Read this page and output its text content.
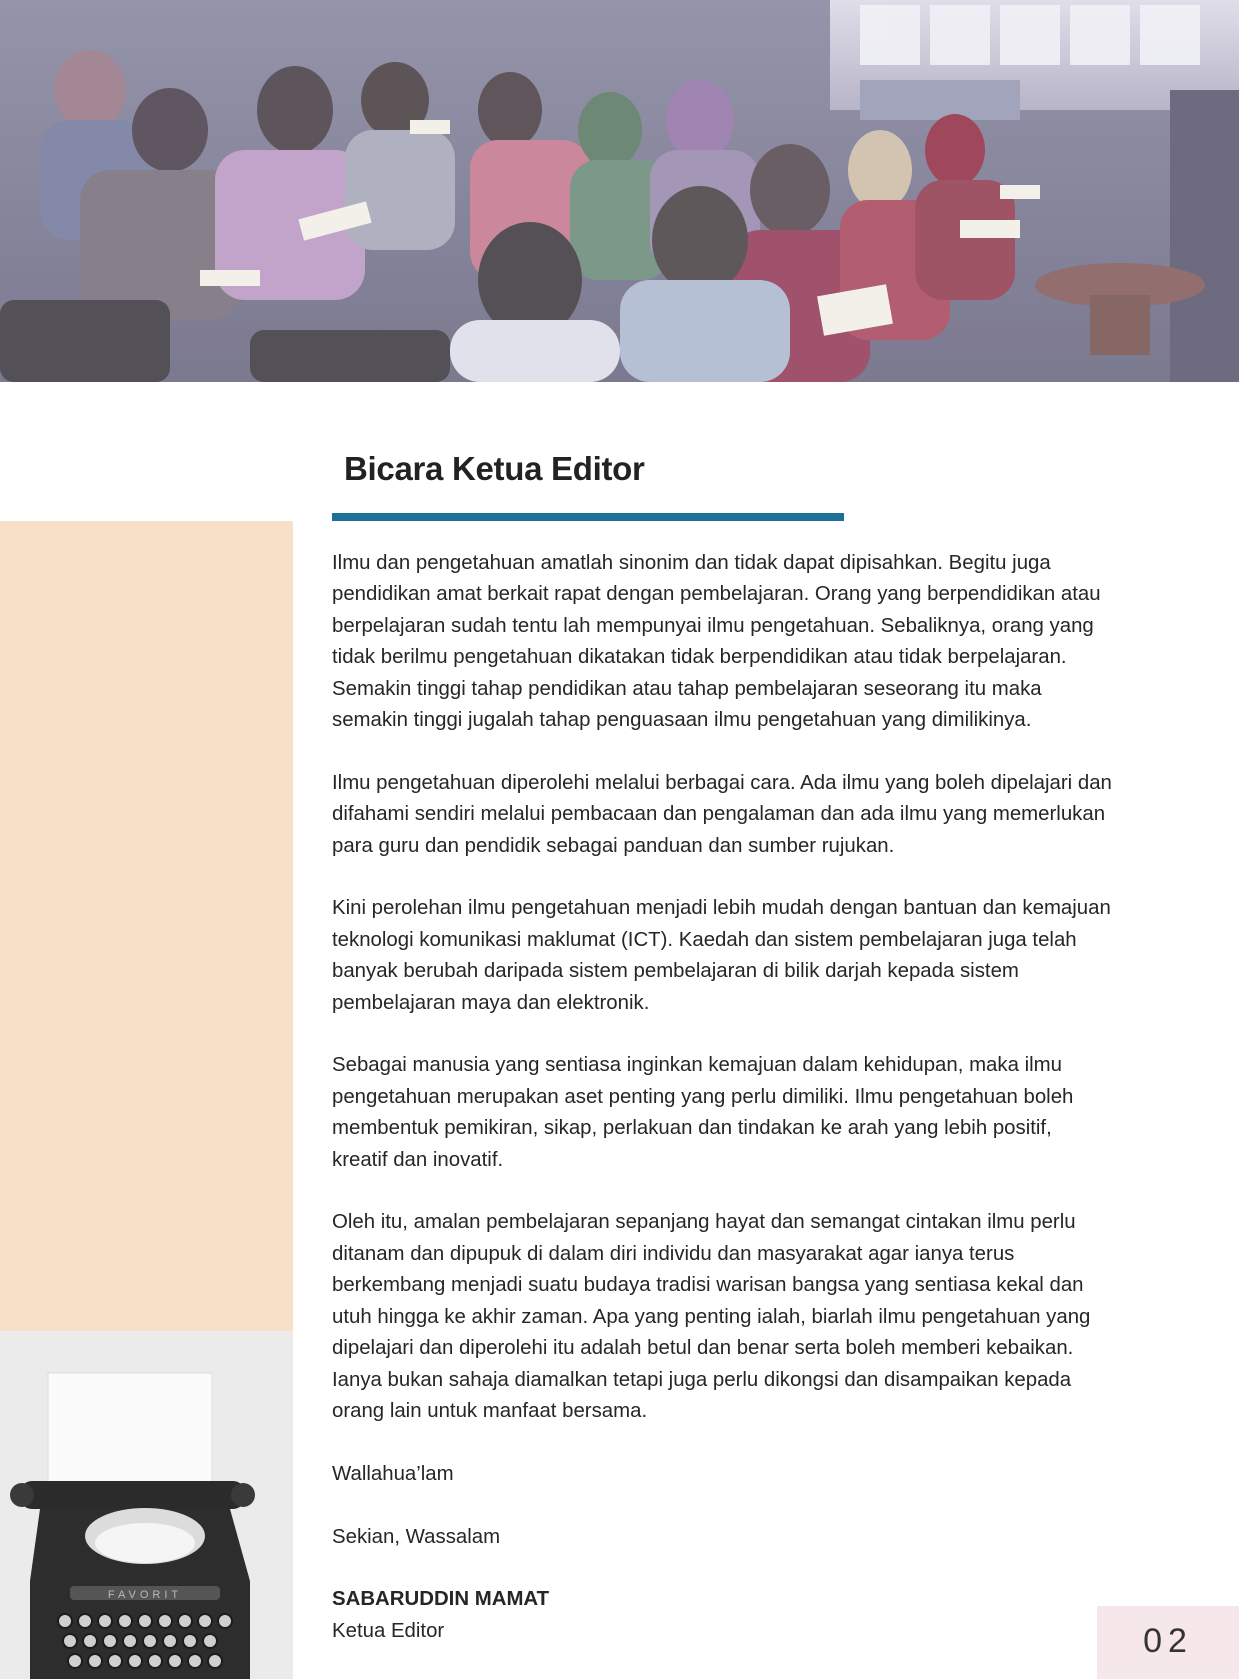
FAVORIT
Bicara Ketua Editor

Ilmu dan pengetahuan amatlah sinonim dan tidak dapat dipisahkan. Begitu juga
pendidikan amat berkait rapat dengan pembelajaran. Orang yang berpendidikan atau
berpelajaran sudah tentu lah mempunyai ilmu pengetahuan. Sebaliknya, orang yang
tidak berilmu pengetahuan dikatakan tidak berpendidikan atau tidak berpelajaran.
Semakin tinggi tahap pendidikan atau tahap pembelajaran seseorang itu maka
semakin tinggi jugalah tahap penguasaan ilmu pengetahuan yang dimilikinya.

Ilmu pengetahuan diperolehi melalui berbagai cara. Ada ilmu yang boleh dipelajari dan
difahami sendiri melalui pembacaan dan pengalaman dan ada ilmu yang memerlukan
para guru dan pendidik sebagai panduan dan sumber rujukan.

Kini perolehan ilmu pengetahuan menjadi lebih mudah dengan bantuan dan kemajuan
teknologi komunikasi maklumat (ICT). Kaedah dan sistem pembelajaran juga telah
banyak berubah daripada sistem pembelajaran di bilik darjah kepada sistem
pembelajaran maya dan elektronik.

Sebagai manusia yang sentiasa inginkan kemajuan dalam kehidupan, maka ilmu
pengetahuan merupakan aset penting yang perlu dimiliki. Ilmu pengetahuan boleh
membentuk pemikiran, sikap, perlakuan dan tindakan ke arah yang lebih positif,
kreatif dan inovatif.

Oleh itu, amalan pembelajaran sepanjang hayat dan semangat cintakan ilmu perlu
ditanam dan dipupuk di dalam diri individu dan masyarakat agar ianya terus
berkembang menjadi suatu budaya tradisi warisan bangsa yang sentiasa kekal dan
utuh hingga ke akhir zaman. Apa yang penting ialah, biarlah ilmu pengetahuan yang
dipelajari dan diperolehi itu adalah betul dan benar serta boleh memberi kebaikan.
Ianya bukan sahaja diamalkan tetapi juga perlu dikongsi dan disampaikan kepada
orang lain untuk manfaat bersama.

Wallahua’lam

Sekian, Wassalam

SABARUDDIN MAMAT

Ketua Editor	02
